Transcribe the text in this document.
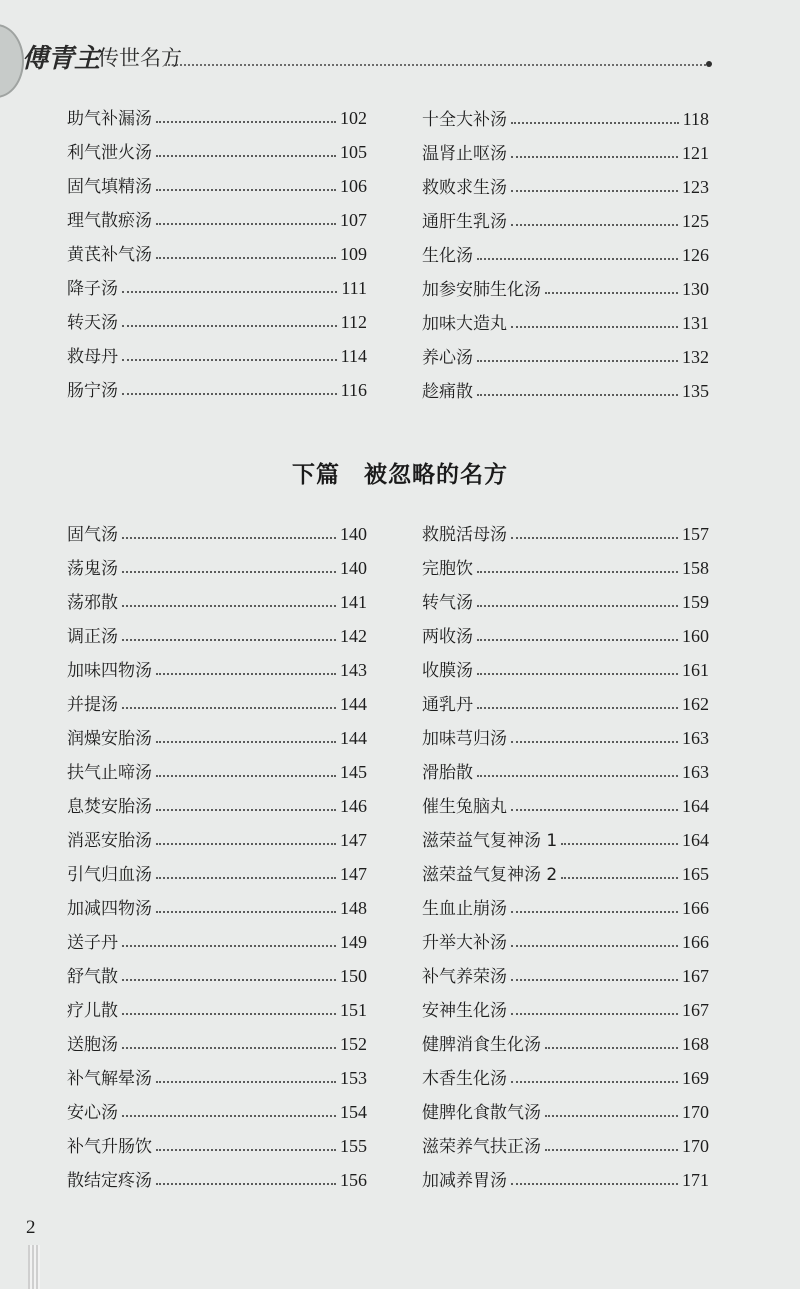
傅青主
传世名方
助气补漏汤	102
利气泄火汤	105
固气填精汤	106
理气散瘀汤	107
黄芪补气汤	109
降子汤	111
转天汤	112
救母丹	114
肠宁汤	116
十全大补汤	118
温肾止呕汤	121
救败求生汤	123
通肝生乳汤	125
生化汤	126
加参安肺生化汤	130
加味大造丸	131
养心汤	132
趁痛散	135
下篇　被忽略的名方
固气汤	140
荡鬼汤	140
荡邪散	141
调正汤	142
加味四物汤	143
并提汤	144
润燥安胎汤	144
扶气止啼汤	145
息焚安胎汤	146
消恶安胎汤	147
引气归血汤	147
加减四物汤	148
送子丹	149
舒气散	150
疗儿散	151
送胞汤	152
补气解晕汤	153
安心汤	154
补气升肠饮	155
散结定疼汤	156
救脱活母汤	157
完胞饮	158
转气汤	159
两收汤	160
收膜汤	161
通乳丹	162
加味芎归汤	163
滑胎散	163
催生兔脑丸	164
滋荣益气复神汤 1	164
滋荣益气复神汤 2	165
生血止崩汤	166
升举大补汤	166
补气养荣汤	167
安神生化汤	167
健脾消食生化汤	168
木香生化汤	169
健脾化食散气汤	170
滋荣养气扶正汤	170
加减养胃汤	171
2
